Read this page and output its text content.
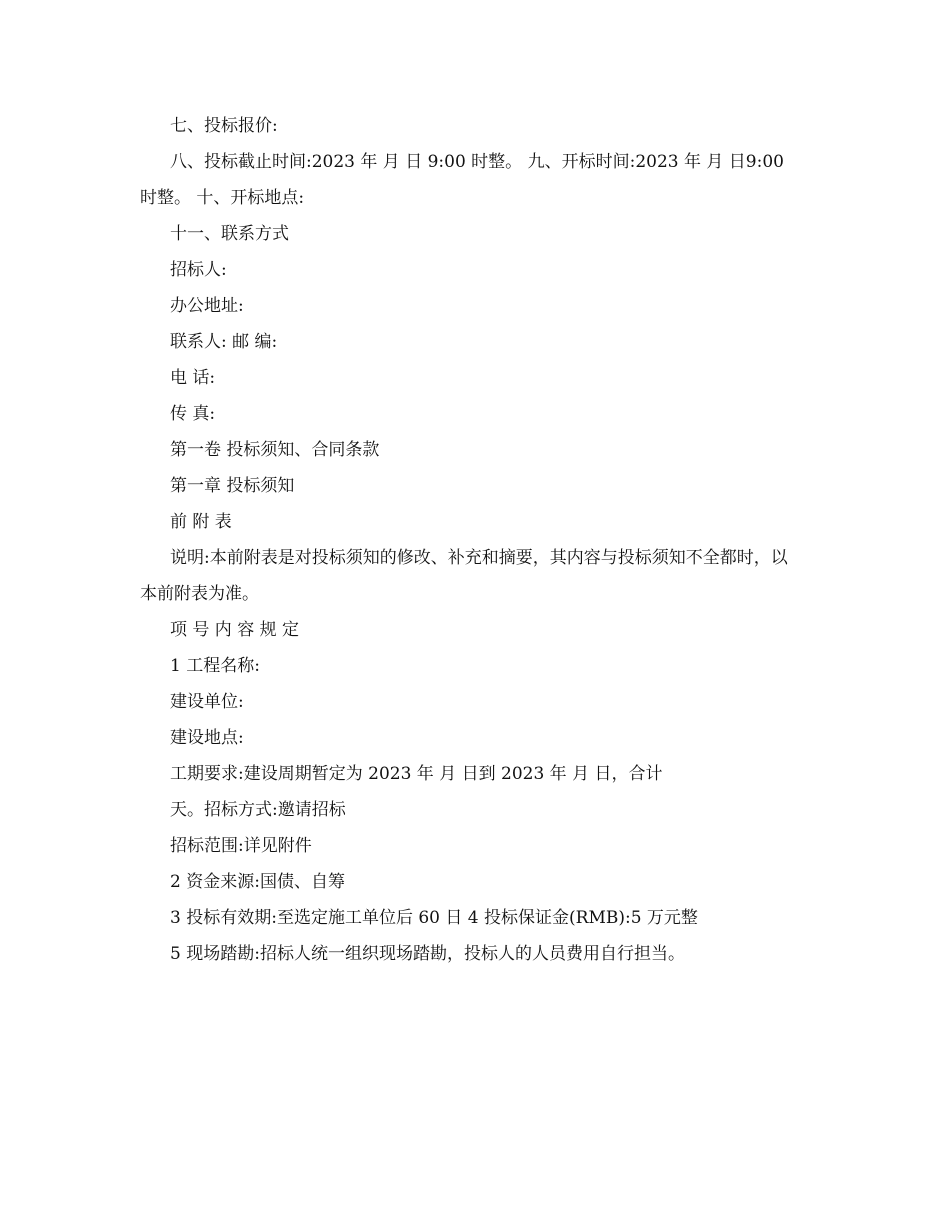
七、投标报价:

八、投标截止时间:2023 年 月 日 9:00 时整。 九、开标时间:2023 年 月 日9:00 时整。 十、开标地点:

十一、联系方式

招标人:

办公地址:

联系人: 邮 编:

电 话:

传 真:

第一卷 投标须知、合同条款

第一章 投标须知

前 附 表

说明:本前附表是对投标须知的修改、补充和摘要，其内容与投标须知不全都时，以本前附表为准。

项 号 内 容 规 定

1 工程名称:

建设单位:

建设地点:

工期要求:建设周期暂定为 2023 年 月 日到 2023 年 月 日，合计

天。招标方式:邀请招标

招标范围:详见附件

2 资金来源:国债、自筹

3 投标有效期:至选定施工单位后 60 日 4 投标保证金(RMB):5 万元整

5 现场踏勘:招标人统一组织现场踏勘，投标人的人员费用自行担当。
